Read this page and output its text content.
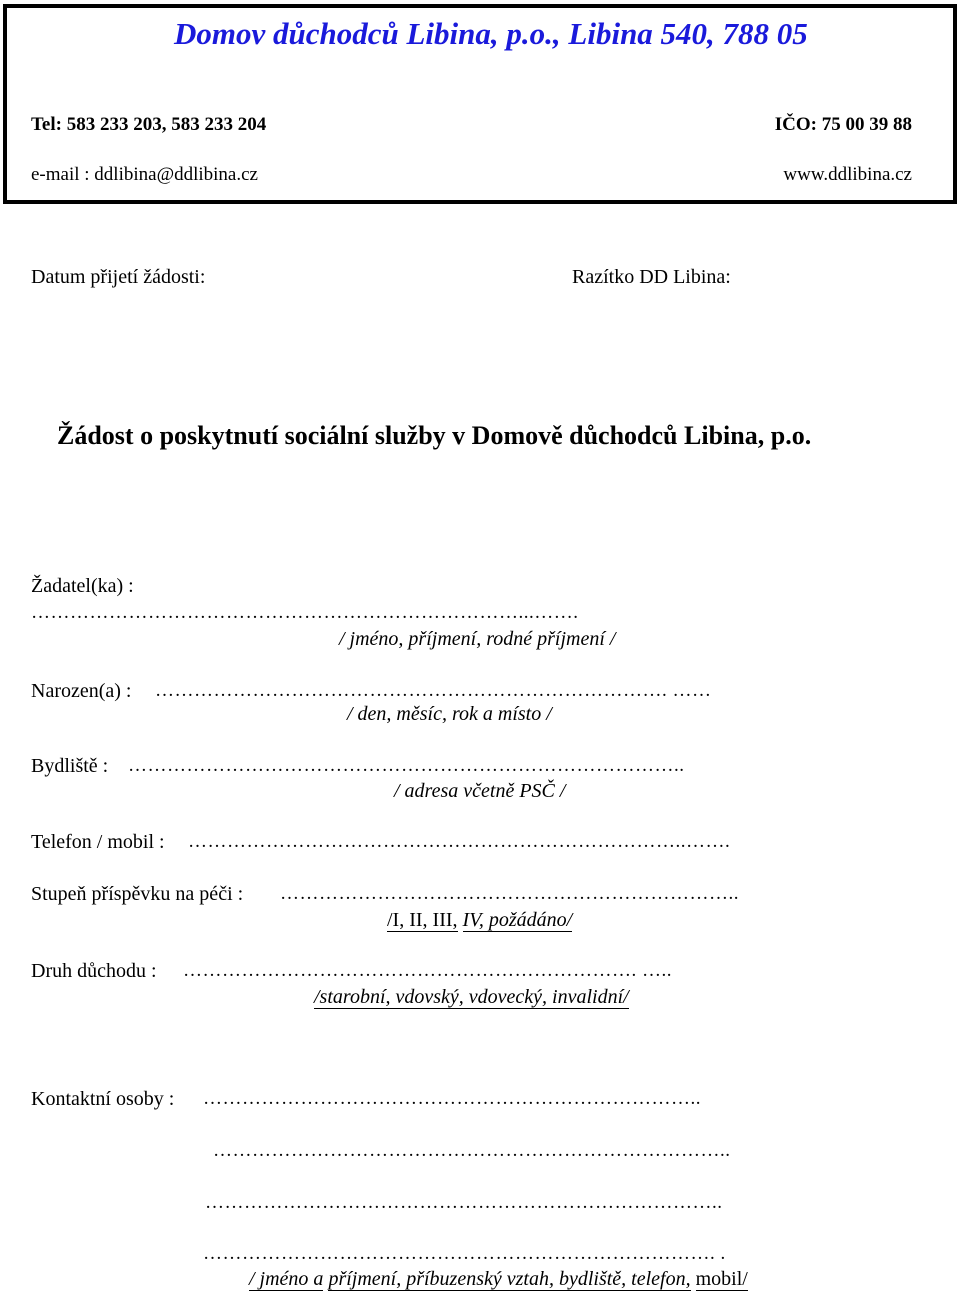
Domov důchodců Libina, p.o., Libina 540, 788 05
Tel: 583 233 203, 583 233 204	IČO: 75 00 39 88
e-mail : ddlibina@ddlibina.cz	www.ddlibina.cz
Datum přijetí žádosti:	Razítko DD Libina:
Žádost o poskytnutí sociální služby v Domově důchodců Libina, p.o.
Žadatel(ka) :
…………………………………………………………………...…….
/ jméno, příjmení, rodné příjmení /
Narozen(a) : ……………………………………………………………………. ……
/ den, měsíc, rok a místo /
Bydliště : …………………………………………………………………………..
/ adresa včetně PSČ /
Telefon / mobil : …………………………………………………………………..…….
Stupeň příspěvku na péči : ……………………………………………………………..
/I, II, III, IV, požádáno/
Druh důchodu : ……………………………………………………………. …..
/starobní, vdovský, vdovecký, invalidní/
Kontaktní osoby : …………………………………………………………………..
……………………………………………………………………..
……………………………………………………………………..
……………………………………………………………………. .
/ jméno a příjmení, příbuzenský vztah, bydliště, telefon, mobil/
